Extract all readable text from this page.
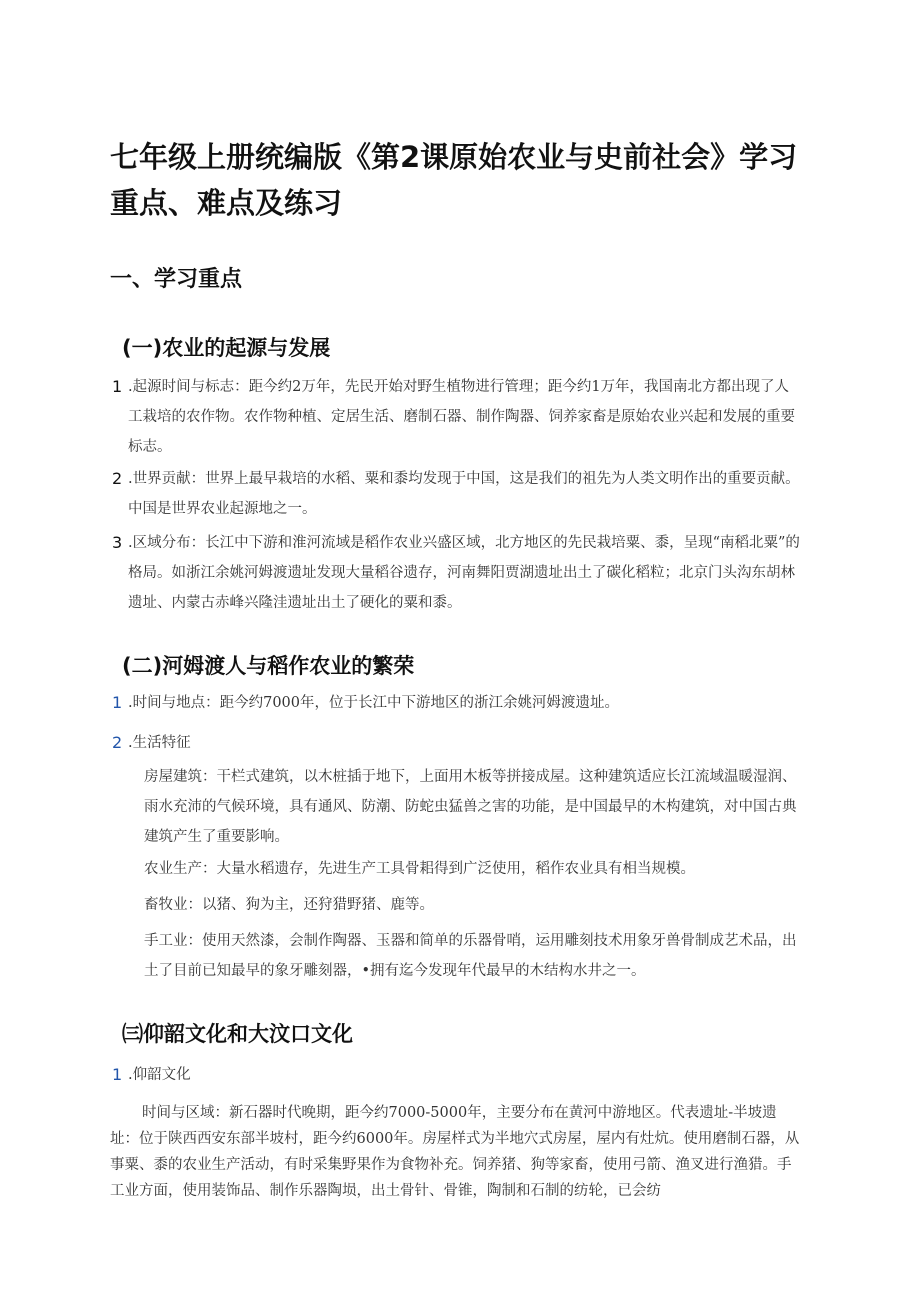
七年级上册统编版《第2课原始农业与史前社会》学习重点、难点及练习
一、学习重点
(一)农业的起源与发展
1 .起源时间与标志：距今约2万年，先民开始对野生植物进行管理；距今约1万年，我国南北方都出现了人工栽培的农作物。农作物种植、定居生活、磨制石器、制作陶器、饲养家畜是原始农业兴起和发展的重要标志。
2 .世界贡献：世界上最早栽培的水稻、粟和黍均发现于中国，这是我们的祖先为人类文明作出的重要贡献。中国是世界农业起源地之一。
3 .区域分布：长江中下游和淮河流域是稻作农业兴盛区域，北方地区的先民栽培粟、黍，呈现“南稻北粟”的格局。如浙江余姚河姆渡遗址发现大量稻谷遗存，河南舞阳贾湖遗址出土了碳化稻粒；北京门头沟东胡林遗址、内蒙古赤峰兴隆洼遗址出土了硬化的粟和黍。
(二)河姆渡人与稻作农业的繁荣
1 .时间与地点：距今约7000年，位于长江中下游地区的浙江余姚河姆渡遗址。
2 .生活特征
房屋建筑：干栏式建筑，以木桩插于地下，上面用木板等拼接成屋。这种建筑适应长江流域温暖湿润、雨水充沛的气候环境，具有通风、防潮、防蛇虫猛兽之害的功能，是中国最早的木构建筑，对中国古典建筑产生了重要影响。
农业生产：大量水稻遗存，先进生产工具骨耜得到广泛使用，稻作农业具有相当规模。
畜牧业：以猪、狗为主，还狩猎野猪、鹿等。
手工业：使用天然漆，会制作陶器、玉器和简单的乐器骨哨，运用雕刻技术用象牙兽骨制成艺术品，出土了目前已知最早的象牙雕刻器，•拥有迄今发现年代最早的木结构水井之一。
㈢仰韶文化和大汶口文化
1 .仰韶文化
时间与区域：新石器时代晚期，距今约7000-5000年，主要分布在黄河中游地区。代表遗址-半坡遗址：位于陕西西安东部半坡村，距今约6000年。房屋样式为半地穴式房屋，屋内有灶炕。使用磨制石器，从事粟、黍的农业生产活动，有时采集野果作为食物补充。饲养猪、狗等家畜，使用弓箭、渔叉进行渔猎。手工业方面，使用装饰品、制作乐器陶埙，出土骨针、骨锥，陶制和石制的纺轮，已会纺
